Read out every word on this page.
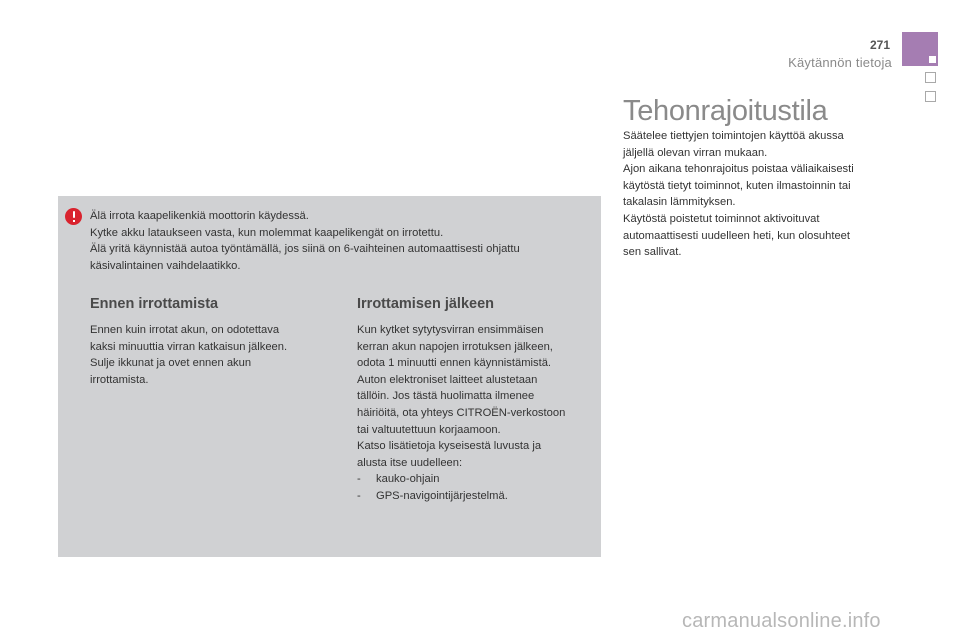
271
Käytännön tietoja
Tehonrajoitustila
Säätelee tiettyjen toimintojen käyttöä akussa
jäljellä olevan virran mukaan.
Ajon aikana tehonrajoitus poistaa väliaikaisesti
käytöstä tietyt toiminnot, kuten ilmastoinnin tai
takalasin lämmityksen.
Käytöstä poistetut toiminnot aktivoituvat
automaattisesti uudelleen heti, kun olosuhteet
sen sallivat.
Älä irrota kaapelikenkiä moottorin käydessä.
Kytke akku lataukseen vasta, kun molemmat kaapelikengät on irrotettu.
Älä yritä käynnistää autoa työntämällä, jos siinä on 6-vaihteinen automaattisesti ohjattu
käsivalintainen vaihdelaatikko.
Ennen irrottamista
Ennen kuin irrotat akun, on odotettava
kaksi minuuttia virran katkaisun jälkeen.
Sulje ikkunat ja ovet ennen akun
irrottamista.
Irrottamisen jälkeen
Kun kytket sytytysvirran ensimmäisen
kerran akun napojen irrotuksen jälkeen,
odota 1 minuutti ennen käynnistämistä.
Auton elektroniset laitteet alustetaan
tällöin. Jos tästä huolimatta ilmenee
häiriöitä, ota yhteys CITROËN-verkostoon
tai valtuutettuun korjaamoon.
Katso lisätietoja kyseisestä luvusta ja
alusta itse uudelleen:
-	kauko-ohjain
-	GPS-navigointijärjestelmä.
carmanualsonline.info
